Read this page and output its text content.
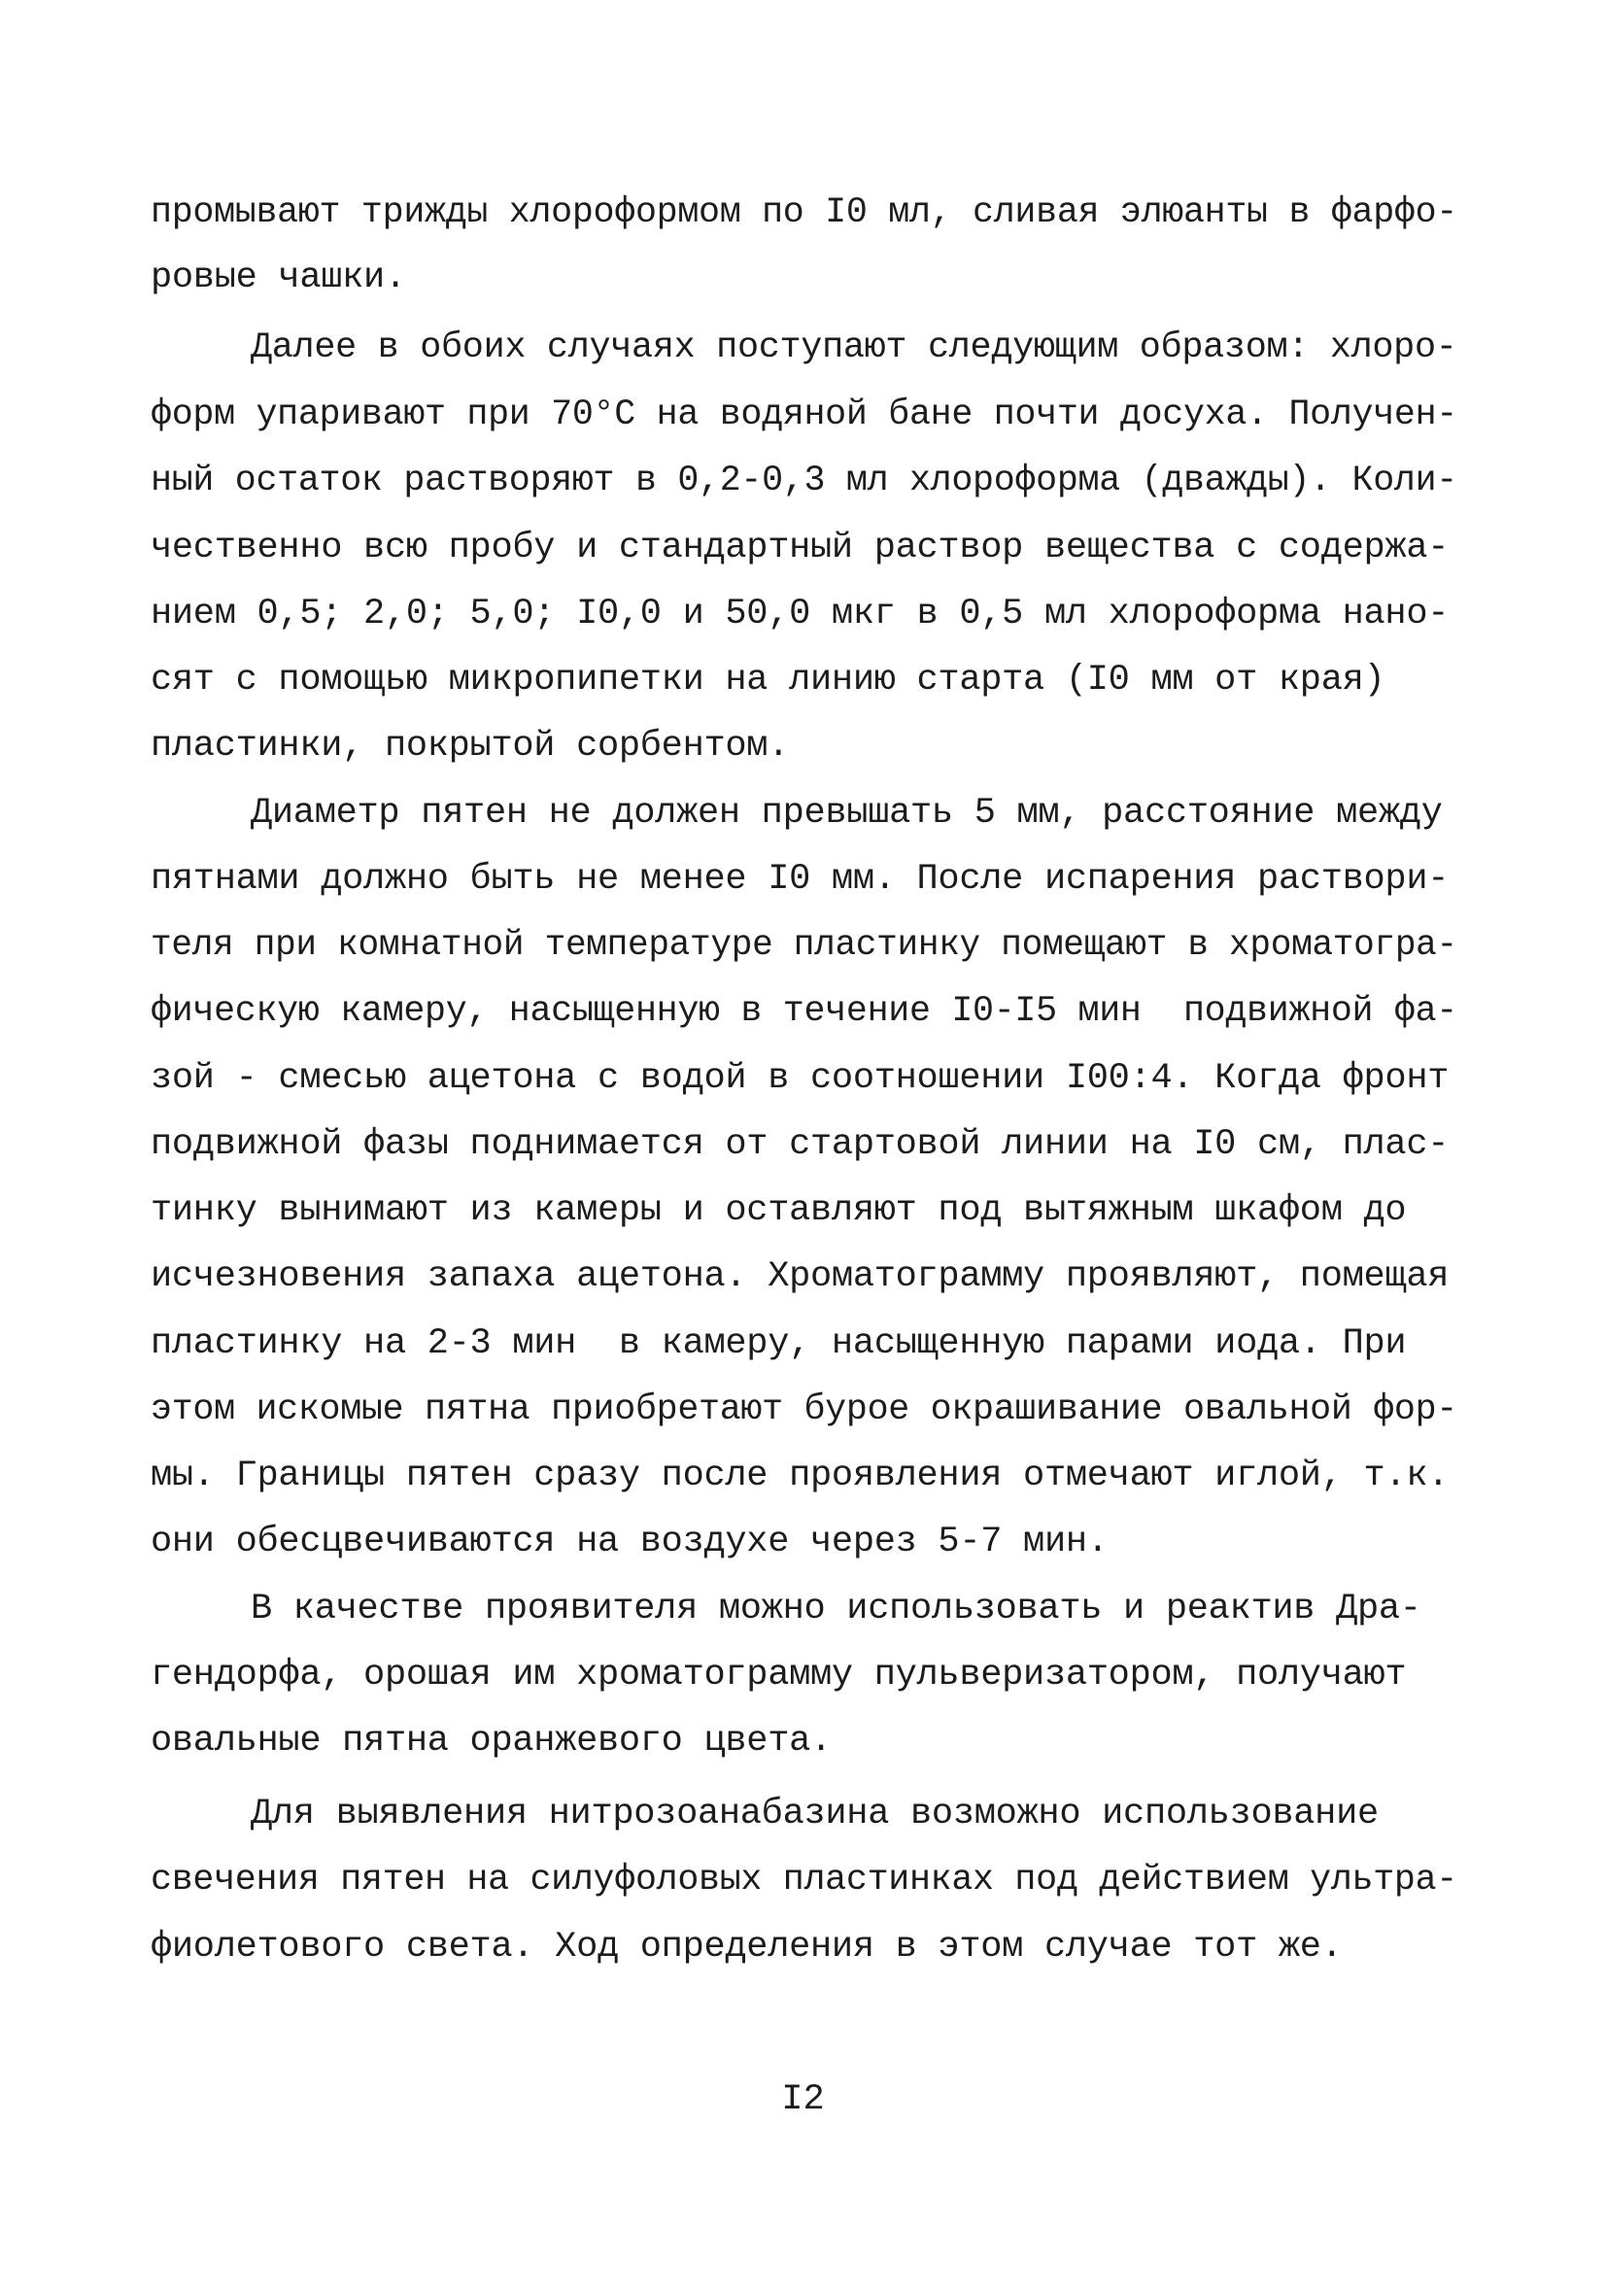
промывают трижды хлороформом по I0 мл, сливая элюанты в фарфо-
ровые чашки.
Далее в обоих случаях поступают следующим образом: хлоро-
форм упаривают при 70°C на водяной бане почти досуха. Получен-
ный остаток растворяют в 0,2-0,3 мл хлороформа (дважды). Коли-
чественно всю пробу и стандартный раствор вещества с содержа-
нием 0,5; 2,0; 5,0; I0,0 и 50,0 мкг в 0,5 мл хлороформа нано-
сят с помощью микропипетки на линию старта (I0 мм от края)
пластинки, покрытой сорбентом.
Диаметр пятен не должен превышать 5 мм, расстояние между
пятнами должно быть не менее I0 мм. После испарения раствори-
теля при комнатной температуре пластинку помещают в хроматогра-
фическую камеру, насыщенную в течение I0-I5 мин  подвижной фа-
зой - смесью ацетона с водой в соотношении I00:4. Когда фронт
подвижной фазы поднимается от стартовой линии на I0 см, плас-
тинку вынимают из камеры и оставляют под вытяжным шкафом до
исчезновения запаха ацетона. Хроматограмму проявляют, помещая
пластинку на 2-3 мин  в камеру, насыщенную парами иода. При
этом искомые пятна приобретают бурое окрашивание овальной фор-
мы. Границы пятен сразу после проявления отмечают иглой, т.к.
они обесцвечиваются на воздухе через 5-7 мин.
В качестве проявителя можно использовать и реактив Дра-
гендорфа, орошая им хроматограмму пульверизатором, получают
овальные пятна оранжевого цвета.
Для выявления нитрозоанабазина возможно использование
свечения пятен на силуфоловых пластинках под действием ультра-
фиолетового света. Ход определения в этом случае тот же.
I2
